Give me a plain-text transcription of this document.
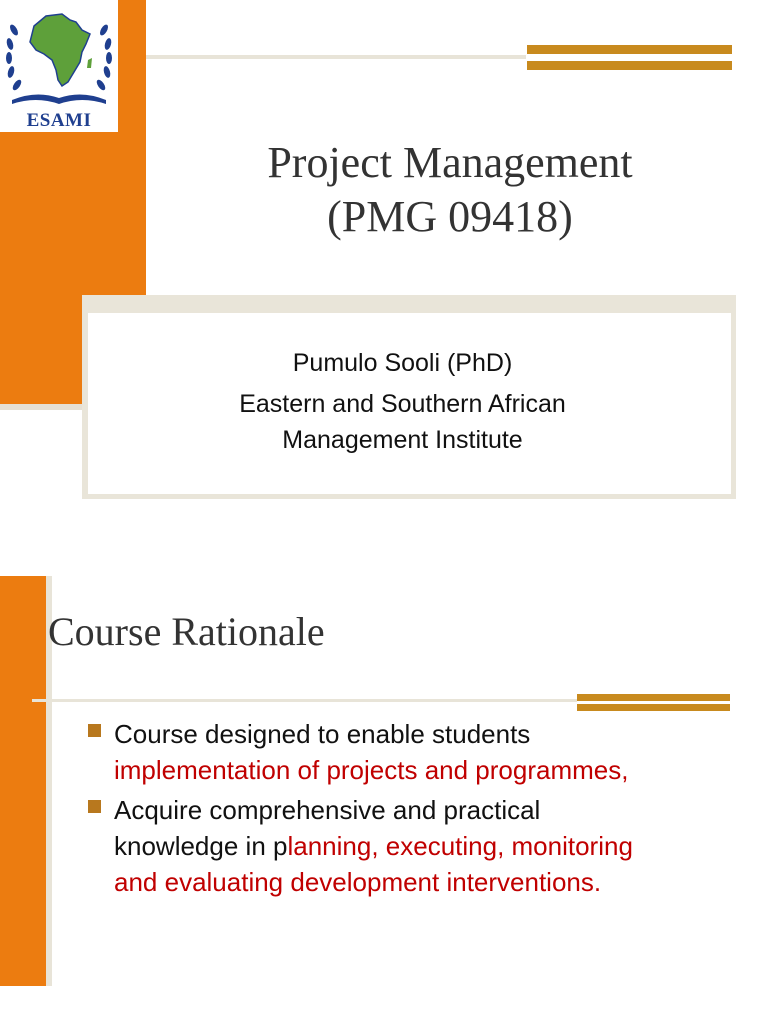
ESAMI
Project Management
(PMG 09418)
Pumulo Sooli (PhD)
Eastern and Southern African
Management Institute
Course Rationale
Course designed to enable students
implementation of projects and programmes,
Acquire comprehensive and practical
knowledge in planning, executing, monitoring
and evaluating development interventions.
